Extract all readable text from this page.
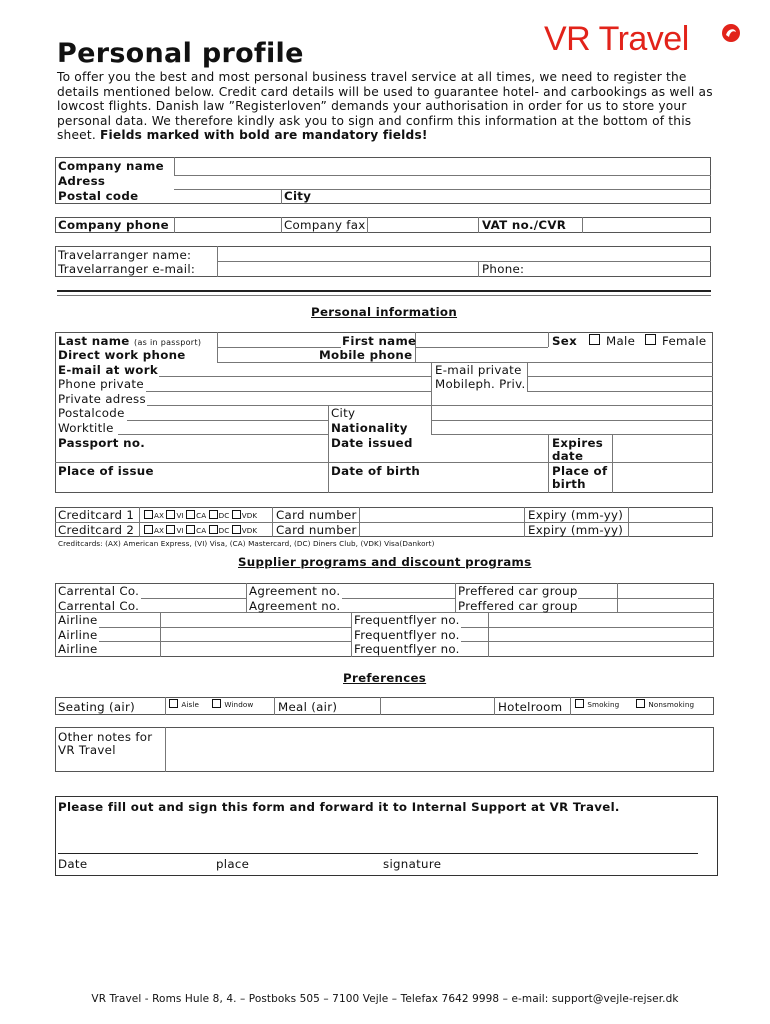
Personal profile	VR Travel
To offer you the best and most personal business travel service at all times, we need to register the details mentioned below. Credit card details will be used to guarantee hotel- and carbookings as well as lowcost flights. Danish law ”Registerloven” demands your authorisation in order for us to store your personal data. We therefore kindly ask you to sign and confirm this information at the bottom of this sheet. Fields marked with bold are mandatory fields!
Company name
Adress
Postal code	City
Company phone	Company fax	VAT no./CVR
Travelarranger name:
Travelarranger e-mail:	Phone:
Personal information
Last name (as in passport)	First name	Sex Male Female
Direct work phone	Mobile phone
E-mail at work	E-mail private
Phone private	Mobileph. Priv.
Private adress
Postalcode	City
Worktitle	Nationality
Passport no.	Date issued	Expires
date
Place of issue	Date of birth	Place of
birth
Creditcard 1	AX VI CA DC VDK Card number	Expiry (mm-yy)
Creditcard 2	AX VI CA DC VDK Card number	Expiry (mm-yy)
Creditcards: (AX) American Express, (VI) Visa, (CA) Mastercard, (DC) Diners Club, (VDK) Visa(Dankort)
Supplier programs and discount programs
Carrental Co.	Agreement no.	Preffered car group
Carrental Co.	Agreement no.	Preffered car group
Airline	Frequentflyer no.
Airline	Frequentflyer no.
Airline	Frequentflyer no.
Preferences
Seating (air)	Aisle	Window Meal (air)	Hotelroom	Smoking	Nonsmoking
Other notes for
VR Travel
Please fill out and sign this form and forward it to Internal Support at VR Travel.
Date	place	signature
VR Travel - Roms Hule 8, 4. – Postboks 505 – 7100 Vejle – Telefax 7642 9998 – e-mail: support@vejle-rejser.dk
